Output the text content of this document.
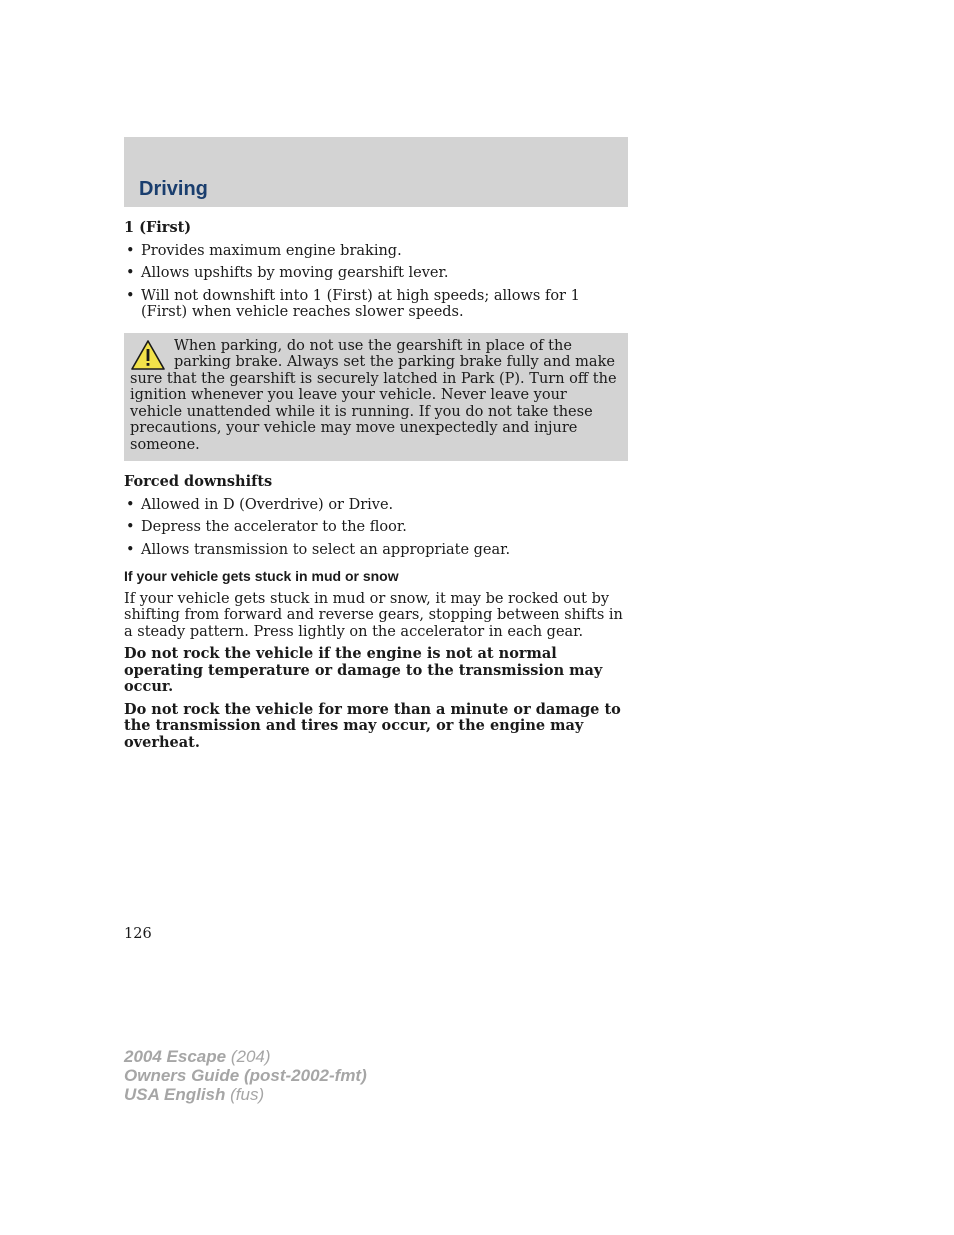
Driving

1 (First)

• Provides maximum engine braking.
• Allows upshifts by moving gearshift lever.
• Will not downshift into 1 (First) at high speeds; allows for 1 (First) when vehicle reaches slower speeds.
When parking, do not use the gearshift in place of the parking brake. Always set the parking brake fully and make sure that the gearshift is securely latched in Park (P). Turn off the ignition whenever you leave your vehicle. Never leave your vehicle unattended while it is running. If you do not take these precautions, your vehicle may move unexpectedly and injure someone.

Forced downshifts

• Allowed in D (Overdrive) or Drive.
• Depress the accelerator to the floor.
• Allows transmission to select an appropriate gear.
If your vehicle gets stuck in mud or snow

If your vehicle gets stuck in mud or snow, it may be rocked out by shifting from forward and reverse gears, stopping between shifts in a steady pattern. Press lightly on the accelerator in each gear.

Do not rock the vehicle if the engine is not at normal operating temperature or damage to the transmission may occur.

Do not rock the vehicle for more than a minute or damage to the transmission and tires may occur, or the engine may overheat.

126
2004 Escape (204)
Owners Guide (post-2002-fmt)
USA English (fus)
